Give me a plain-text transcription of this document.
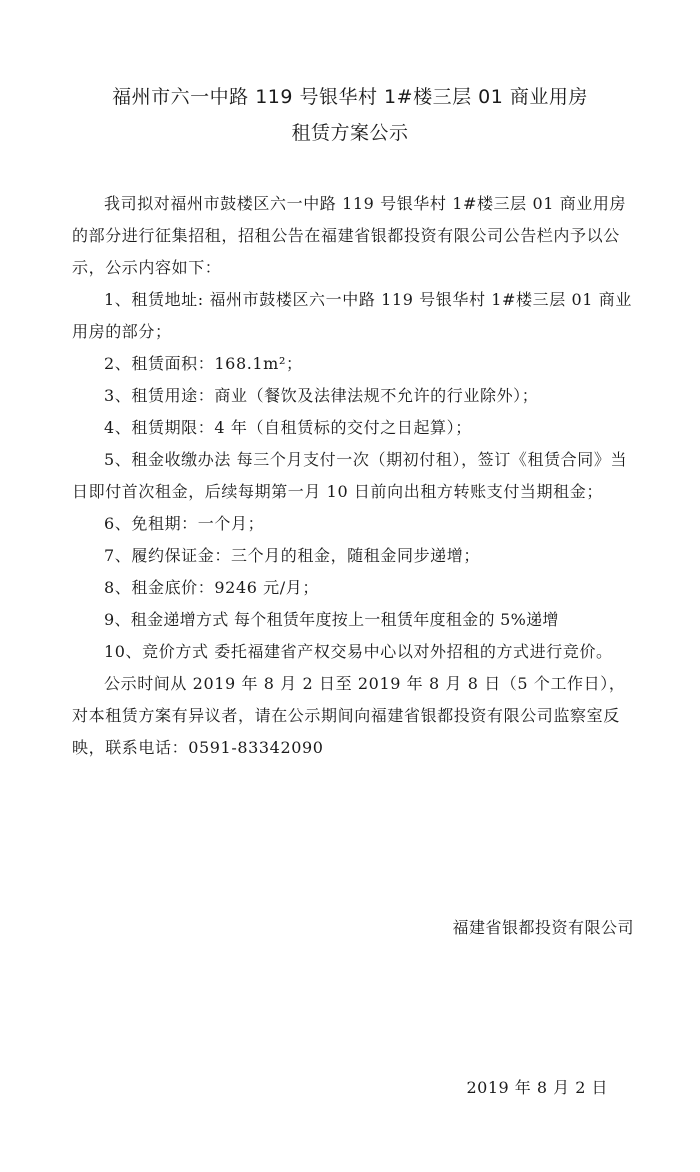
福州市六一中路 119 号银华村 1#楼三层 01 商业用房
租赁方案公示

我司拟对福州市鼓楼区六一中路 119 号银华村 1#楼三层 01 商业用房的部分进行征集招租，招租公告在福建省银都投资有限公司公告栏内予以公示，公示内容如下：

1、租赁地址: 福州市鼓楼区六一中路 119 号银华村 1#楼三层 01 商业用房的部分；

2、租赁面积：168.1m²；

3、租赁用途：商业（餐饮及法律法规不允许的行业除外）；

4、租赁期限：4 年（自租赁标的交付之日起算）；

5、租金收缴办法 每三个月支付一次（期初付租），签订《租赁合同》当日即付首次租金，后续每期第一月 10 日前向出租方转账支付当期租金；

6、免租期：一个月；

7、履约保证金：三个月的租金，随租金同步递增；

8、租金底价：9246 元/月；

9、租金递增方式 每个租赁年度按上一租赁年度租金的 5%递增

10、竞价方式 委托福建省产权交易中心以对外招租的方式进行竞价。

公示时间从 2019 年 8 月 2 日至 2019 年 8 月 8 日（5 个工作日），

对本租赁方案有异议者，请在公示期间向福建省银都投资有限公司监察室反映，联系电话：0591-83342090

福建省银都投资有限公司
2019 年 8 月 2 日
